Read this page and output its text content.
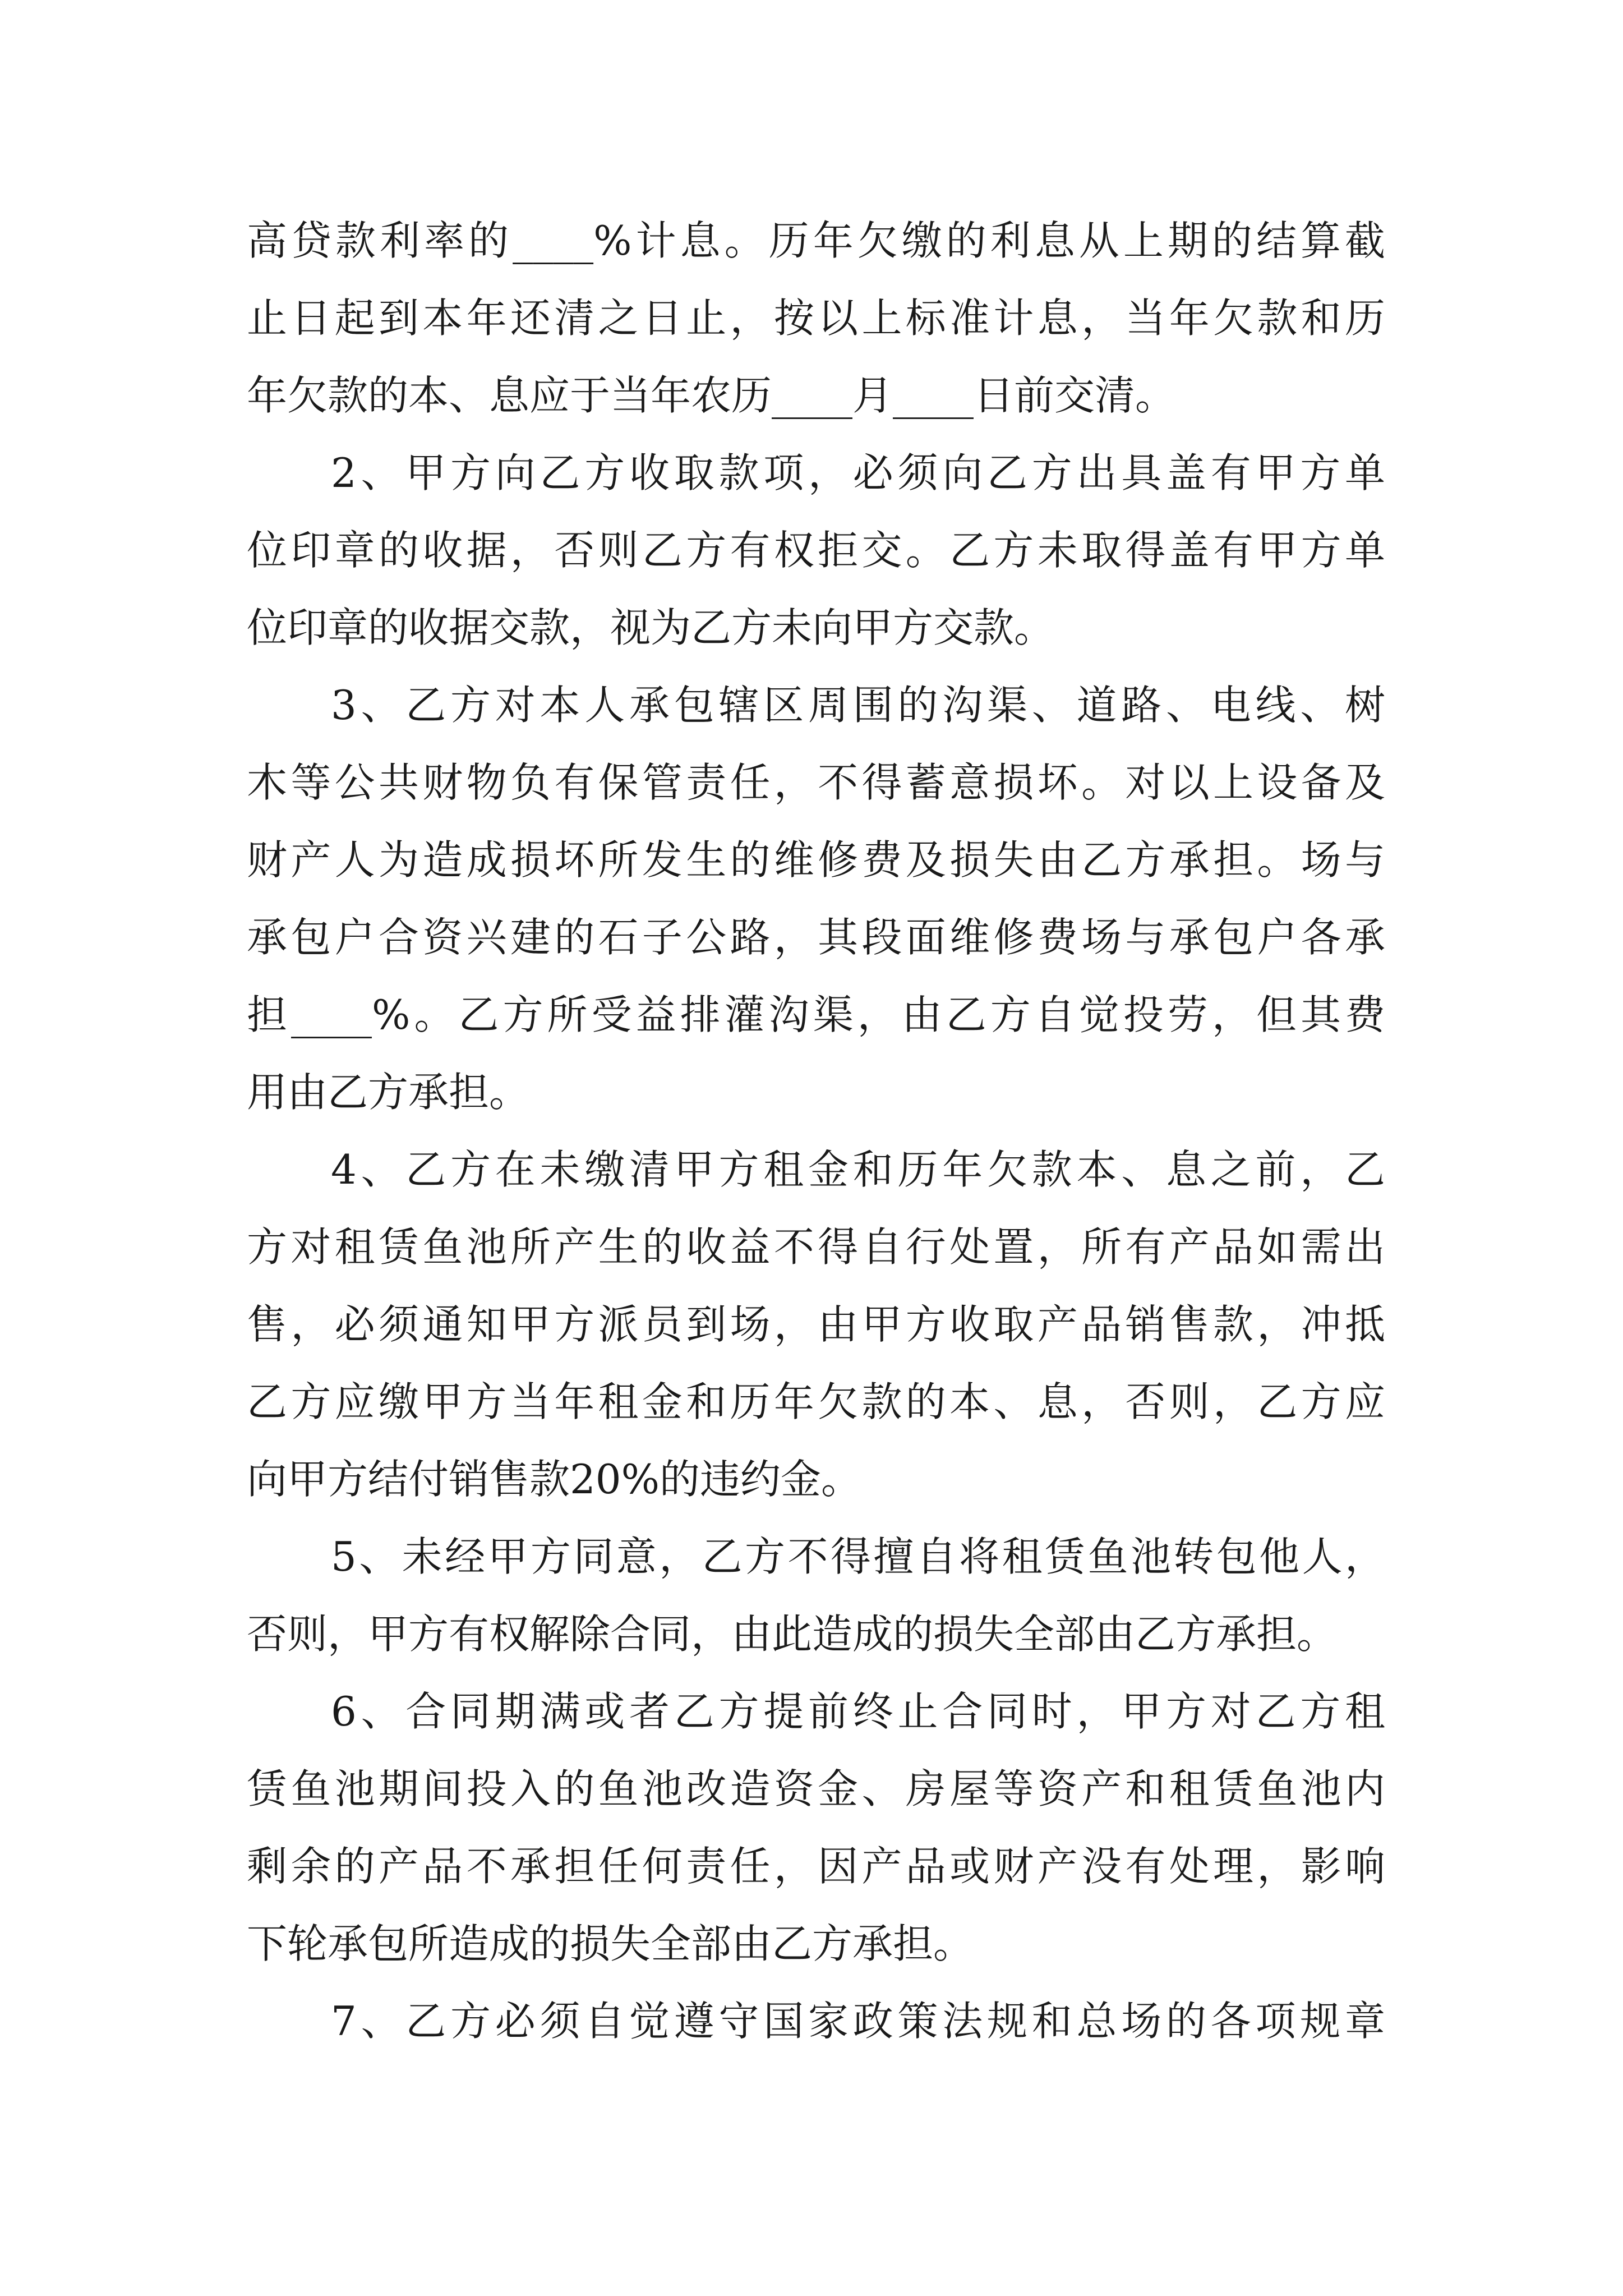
高贷款利率的____%计息。历年欠缴的利息从上期的结算截
止日起到本年还清之日止，按以上标准计息，当年欠款和历
年欠款的本、息应于当年农历____月____日前交清。
2、甲方向乙方收取款项，必须向乙方出具盖有甲方单
位印章的收据，否则乙方有权拒交。乙方未取得盖有甲方单
位印章的收据交款，视为乙方未向甲方交款。
3、乙方对本人承包辖区周围的沟渠、道路、电线、树
木等公共财物负有保管责任，不得蓄意损坏。对以上设备及
财产人为造成损坏所发生的维修费及损失由乙方承担。场与
承包户合资兴建的石子公路，其段面维修费场与承包户各承
担____%。乙方所受益排灌沟渠，由乙方自觉投劳，但其费
用由乙方承担。
4、乙方在未缴清甲方租金和历年欠款本、息之前，乙
方对租赁鱼池所产生的收益不得自行处置，所有产品如需出
售，必须通知甲方派员到场，由甲方收取产品销售款，冲抵
乙方应缴甲方当年租金和历年欠款的本、息，否则，乙方应
向甲方结付销售款20%的违约金。
5、未经甲方同意，乙方不得擅自将租赁鱼池转包他人，
否则，甲方有权解除合同，由此造成的损失全部由乙方承担。
6、合同期满或者乙方提前终止合同时，甲方对乙方租
赁鱼池期间投入的鱼池改造资金、房屋等资产和租赁鱼池内
剩余的产品不承担任何责任，因产品或财产没有处理，影响
下轮承包所造成的损失全部由乙方承担。
7、乙方必须自觉遵守国家政策法规和总场的各项规章
